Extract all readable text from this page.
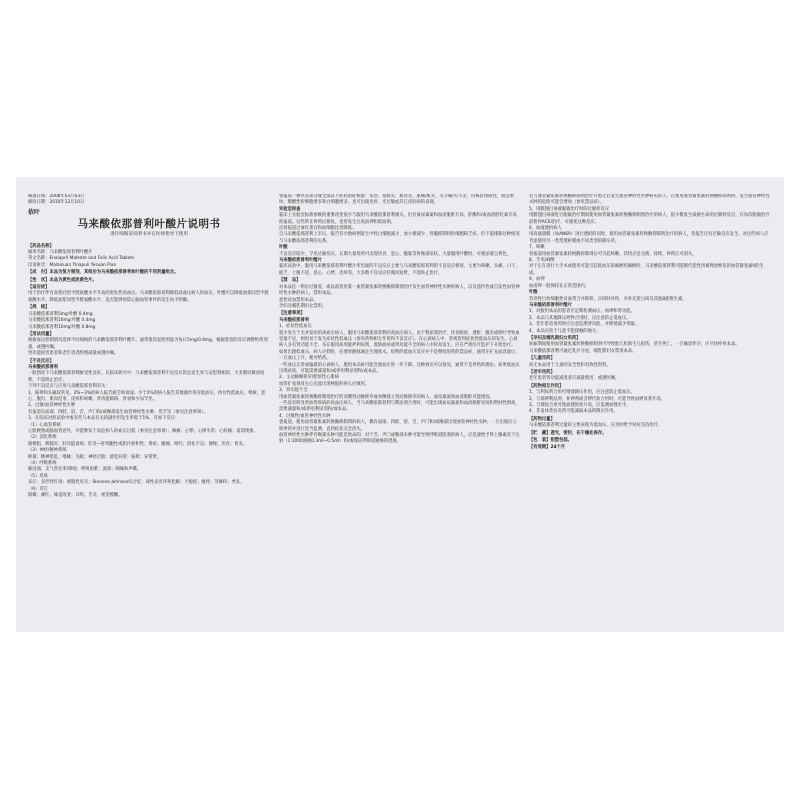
核准日期：2008年03月03日
修改日期：2010年12月10日
依叶
马来酸依那普利叶酸片说明书
请仔细阅读说明书并在医师指导下使用
【药品名称】
通用名称：马来酸依那普利叶酸片
英文名称：Enalapril Maleate and Folic Acid Tablets
汉语拼音：Malaisuan Yinapuli Yesuan Pian
【成　份】本品为复方制剂，其组份为马来酸依那普利和叶酸的不同剂量组合。
【性　状】本品为黄色或淡黄色片。
【适应症】
用于治疗伴有血浆同型半胱氨酸水平升高的原发性高血压。马来酸依那普利降低高血压病人的血压，叶酸可以降低血浆同型半胱氨酸水平。降低血浆同型半胱氨酸水平，是否能够预防心脑血管事件的发生尚不明确。
【规　格】
马来酸依那普利5mg∶叶酸 0.4mg
马来酸依那普利10mg∶叶酸 0.4mg
马来酸依那普利10mg∶叶酸 0.8mg
【用法用量】
根据血压控制情况选择不同规格的马来酸依那普利叶酸片。通常推荐起始剂量为每日5mg/0.4mg，根据患者的反应调整给药剂量，或遵医嘱。
肾功能损害患者和老年患者酌情减量或遵医嘱。
【不良反应】
马来酸依那普利
一般情况下马来酸依那普利耐受性良好。在临床研究中，马来酸依那普利不良反应的总发生率与安慰剂相似，大多数轻微而短暂，不需终止治疗。
下列不良反应与应用马来酸依那普利有关：
1、眩晕和头痛较常见。2%~3%的病人报告疲劳和衰弱。少于2%的病人报告其他副作用有低血压、体位性低血压、晕厥、恶心、腹泻、肌肉痉挛、皮疹和咳嗽。肾功能障碍、肾衰和少尿罕见。
2、过敏/血管神经性水肿
有报道在面部、四肢、唇、舌、声门和/或喉部发生血管神经性水肿，但罕见（参见注意事项）。
3、在临床对照试验中或有些与本品有关的副作用发生率低于1%，有如下反应：
（1）心血管系统
心肌梗塞或脑血管意外，可能继发于高危病人的血压过低（参见注意事项）；胸痛；心悸；心律失常；心绞痛；雷诺现象。
（2）消化系统
肠梗阻、胰腺炎；肝功能衰竭；肝炎—肝细胞性或胆汁瘀积性；黄疸；腹痛；呕吐；消化不良；便秘；厌食；胃炎。
（3）神经/精神系统
抑郁；精神错乱；嗜睡；失眠；神经过敏；感觉异常；眩晕；异常梦。
（4）呼吸系统
肺浸润；支气管痉挛/哮喘；呼吸困难；流涕；咽痛和声嘶。
（5）皮肤
多汗；多形性红斑；剥脱性皮炎；Stevens-Johnson综合征；毒性表皮坏死松解；天疱疮；瘙痒；荨麻疹；秃发。
（6）其它
阳痿；潮红；味觉改变；耳鸣；舌炎；视觉模糊。
曾报道一种具有部分或全部以下症状的症候群：发热、浆膜炎、血管炎、肌痛/肌炎、关节痛/关节炎、抗核抗体阳性、血沉增快、嗜酸性粒细胞增多和白细胞增多，也可出现皮疹、光过敏或其它皮肤病的表现。
实验室检查
临床上实验室标准参数的重要改变很少与服用马来酸依那普利相关。但有血尿素氮和血清肌酐升高、肝酶和/或血清胆红素升高的报道。这些常在停药后恢复。也曾发生过高血钾和低血钠。
还曾报道过血红蛋白和血细胞比容降低。
自马来酸依那普利上市后，报告有少数病例发生中性白细胞减少、血小板减少、骨髓抑制和粒细胞缺乏症，但不能排除这种情况与马来酸依那普利的关系。
叶酸
不良反应较少，罕见过敏反应。长期大量用药可出现厌食、恶心、腹胀等胃肠道症状。大量服用叶酸时，可使尿液呈黄色。
马来酸依那普利叶酸片
临床试验中，服用马来酸依那普利叶酸片所出现的不良反应主要与马来酸依那普利的不良反应相似，主要为咳嗽、头痛、口干、疲乏、上腹不适、恶心、心悸、皮疹等，大多数不良反应轻微而短暂，不需终止治疗。
【禁　忌】
对本品任一组份过敏者，或以前曾用某一血管紧张素转换酶抑制剂治疗发生血管神经性水肿的病人，以及遗传性或自发性血管神经性水肿的病人，禁用本品。
恶性贫血禁用本品。
孕妇及哺乳期妇女禁用。
【注意事项】
马来酸依那普利
1、症状性低血压
很少发生于无并发症的高血压病人，服用马来酸依那普利的高血压病人，由于利尿剂治疗、饮食限盐、透析、腹泻或呕吐导致血容量不足，则更易于发生症状性低血压（参见药物相互作用和不良反应）。在心衰病人中，曾观察到症状性低血压的发生。心衰病人多有肾功能不全，多在服用高剂量袢利尿剂、低钠血症或肾功能不全的病人中较易发生。应在严密医疗监护下开始治疗。
如果出现低血压，病人应仰卧，必要时静脉滴注生理盐水。短暂的低血压反应并不是继续用药的禁忌症，通常在扩充血容量后，一旦血压上升，便可给药。
一些血压正常或偏低的心衰病人，服用本品时可能会使血压进一步下降。这种效应可以预见，通常不是停药的理由。如果低血压出现症状，可能需要减量和/或停用利尿剂和/或本品。
2、主动脉瓣狭窄/肥厚性心肌病
血管扩张剂对左心室流出道梗阻的病人应慎用。
3、肾功能不全
用血管紧张素转换酶抑制剂治疗的双侧肾动脉狭窄或单侧孤立肾动脉狭窄的病人，血尿素氮和血清肌酐可能增高。
一些没有明显肾血管疾病的高血压病人，当马来酸依那普利与利尿剂合用时，可能出现血尿素氮和血清肌酐轻度和暂时性增高，需要减量和/或停用利尿剂和/或本品。
4、过敏性/血管神经性水肿
曾报道，使用血管紧张素转换酶抑制剂的病人，偶有面部、四肢、唇、舌、声门和/或喉部出现血管神经性水肿。一旦出现应立即停药并进行适当监测，直到症状完全消失。
血管神经性水肿伴有喉部水肿可能是致命的。对于舌、声门或喉部水肿可能导致呼吸道阻塞的病人，应迅速给予肾上腺素皮下注射（1:1000溶液0.3ml~0.5ml）和/或保证呼吸道通畅的措施。
有与血管紧张素转换酶抑制剂治疗开始之后发生血管神经性水肿病史的人，在使用血管紧张素转换酶抑制剂时，发生血管神经性水肿的危险可能会增加（参见禁忌症）。
5、用膜翅目毒液脱敏治疗时的过敏样反应
用膜翅目毒液进行脱敏治疗期间使用血管紧张素转换酶抑制剂治疗的病人，很少数发生威胁生命的过敏样反应。在每次脱敏治疗前暂停ACEI治疗，可避免这种反应。
6、血液透析病人
用高通量膜（如AN69）进行透析的同时，使用血管紧张素转换酶抑制剂治疗的病人，曾报告过有过敏反应发生。对这些病人应考虑使用另一类型透析膜或不同类型的降压药。
7、咳嗽
曾报道用血管紧张素转换酶抑制剂后可引起咳嗽，其特点是无痰、持续，停药后可消失。
8、手术/麻醉
对于正在进行大手术或使用可能引起低血压的麻醉药麻醉时，马来酸依那普利可阻断代偿性肾素释放继发的血管紧张素II的生成。
9、血钾
血清钾一般保持在正常范围内。
叶酸
营养性巨幼细胞性贫血常合并缺铁，应同时补铁，并补充蛋白质及其他B族维生素。
马来酸依那普利叶酸片
1、对服用本品的患者应定期检测血压、血钾和肾功能。
2、本品与其他降压药物合用时，应注意防止低血压。
3、老年患者用药时应注意监测肾功能，并酌情减少剂量。
4、本品应放于儿童不能接触的地方。
【孕妇及哺乳期妇女用药】
妊娠期间使用血管紧张素转换酶抑制剂可导致胎儿和新生儿损伤，甚至死亡。一旦确诊怀孕，应尽快停用本品。
马来酸依那普利可通过乳汁分泌，哺乳期妇女禁用本品。
【儿童用药】
尚无本品用于儿童的安全性和有效性资料。
【老年用药】
老年患者肾功能减退者应减量使用，或遵医嘱。
【药物相互作用】
1、与利尿剂合用可增强降压作用，应注意防止低血压。
2、与保钾利尿剂、补钾剂或含钾代盐合用时，可能导致血钾显著升高。
3、与锂盐合用可使血锂浓度升高，应监测血锂水平。
4、非甾体类抗炎药可能减弱本品的降压作用。
【药物过量】
马来酸依那普利过量的主要表现为低血压，应及时给予对症支持治疗。
【贮　藏】遮光，密封，在干燥处保存。
【包　装】铝塑包装。
【有效期】24个月
